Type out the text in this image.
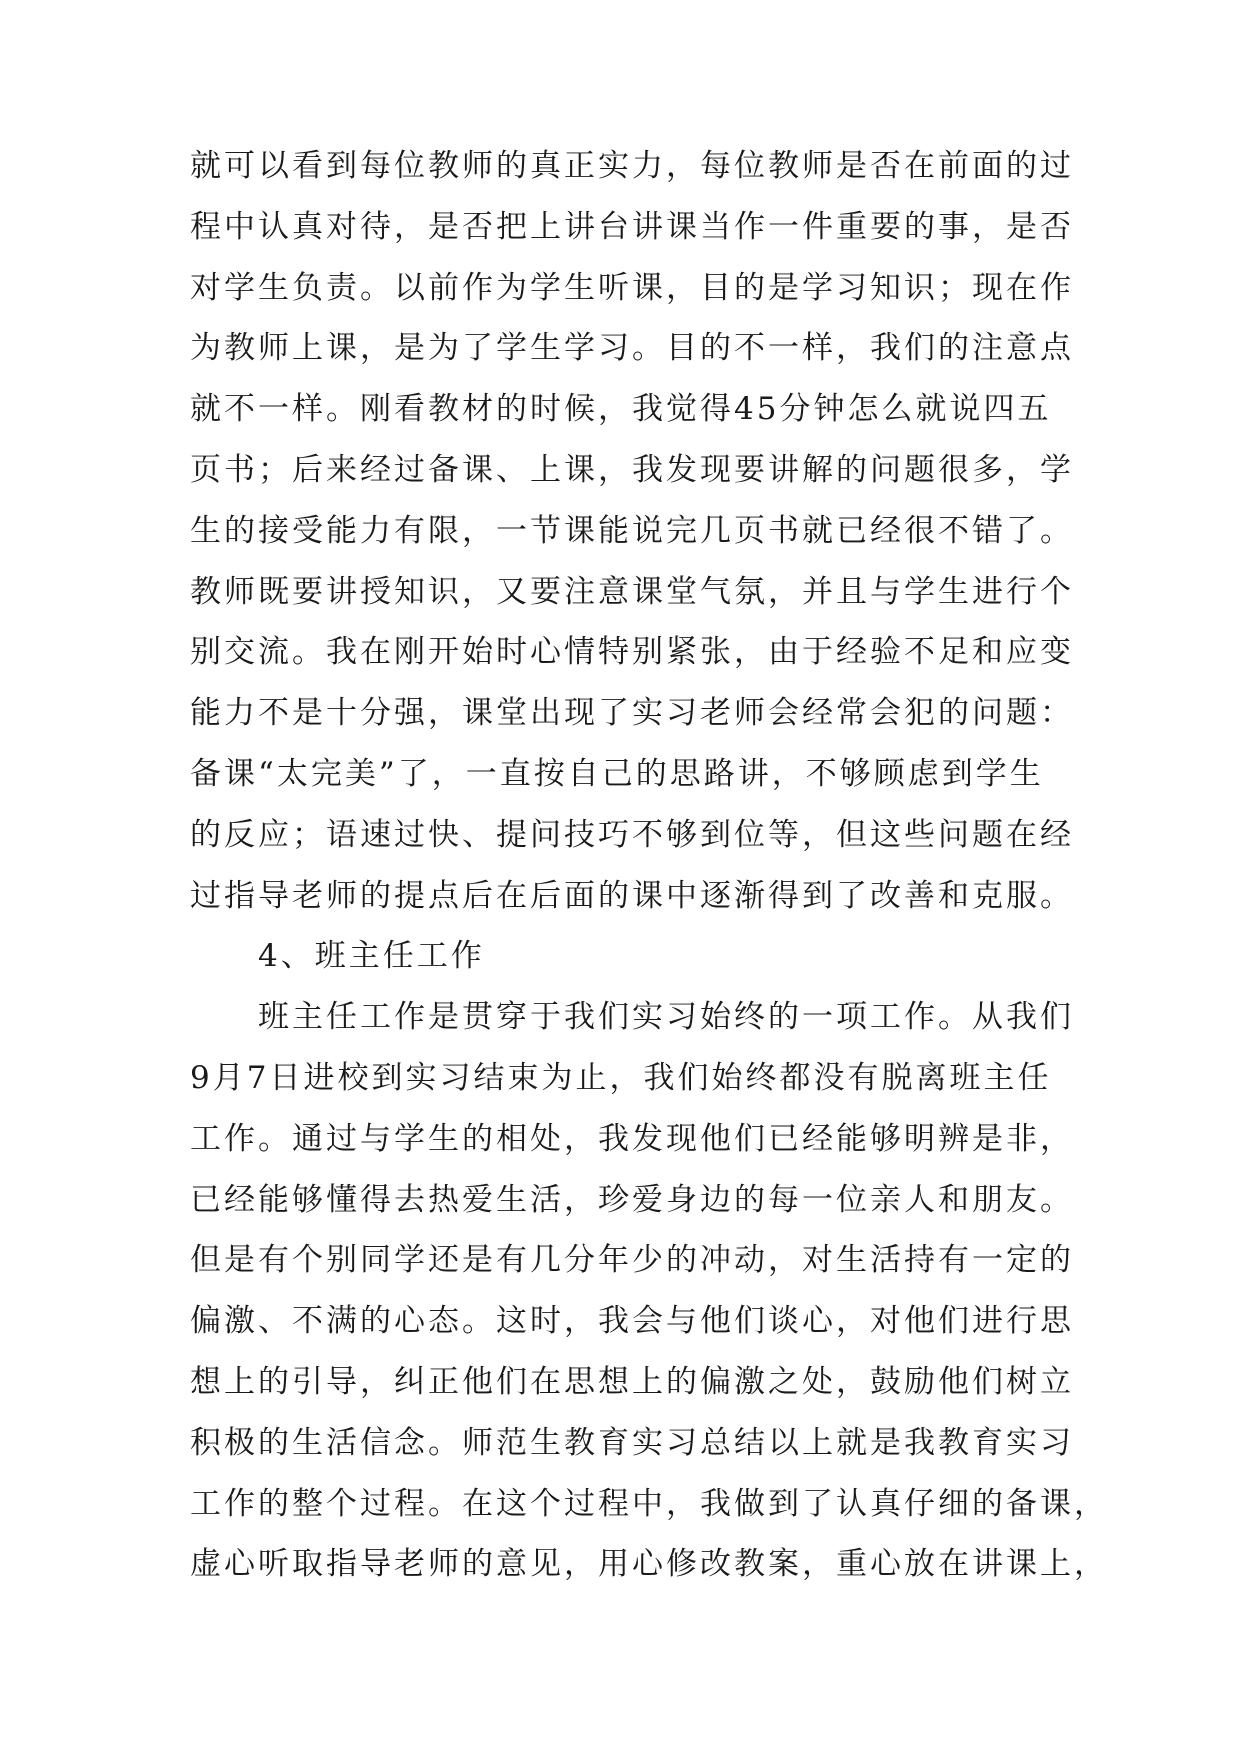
就可以看到每位教师的真正实力，每位教师是否在前面的过
程中认真对待，是否把上讲台讲课当作一件重要的事，是否
对学生负责。以前作为学生听课，目的是学习知识；现在作
为教师上课，是为了学生学习。目的不一样，我们的注意点
就不一样。刚看教材的时候，我觉得45分钟怎么就说四五
页书；后来经过备课、上课，我发现要讲解的问题很多，学
生的接受能力有限，一节课能说完几页书就已经很不错了。
教师既要讲授知识，又要注意课堂气氛，并且与学生进行个
别交流。我在刚开始时心情特别紧张，由于经验不足和应变
能力不是十分强，课堂出现了实习老师会经常会犯的问题：
备课“太完美”了，一直按自己的思路讲，不够顾虑到学生
的反应；语速过快、提问技巧不够到位等，但这些问题在经
过指导老师的提点后在后面的课中逐渐得到了改善和克服。
　　4、班主任工作
　　班主任工作是贯穿于我们实习始终的一项工作。从我们
9月7日进校到实习结束为止，我们始终都没有脱离班主任
工作。通过与学生的相处，我发现他们已经能够明辨是非，
已经能够懂得去热爱生活，珍爱身边的每一位亲人和朋友。
但是有个别同学还是有几分年少的冲动，对生活持有一定的
偏激、不满的心态。这时，我会与他们谈心，对他们进行思
想上的引导，纠正他们在思想上的偏激之处，鼓励他们树立
积极的生活信念。师范生教育实习总结以上就是我教育实习
工作的整个过程。在这个过程中，我做到了认真仔细的备课，
虚心听取指导老师的意见，用心修改教案，重心放在讲课上，
